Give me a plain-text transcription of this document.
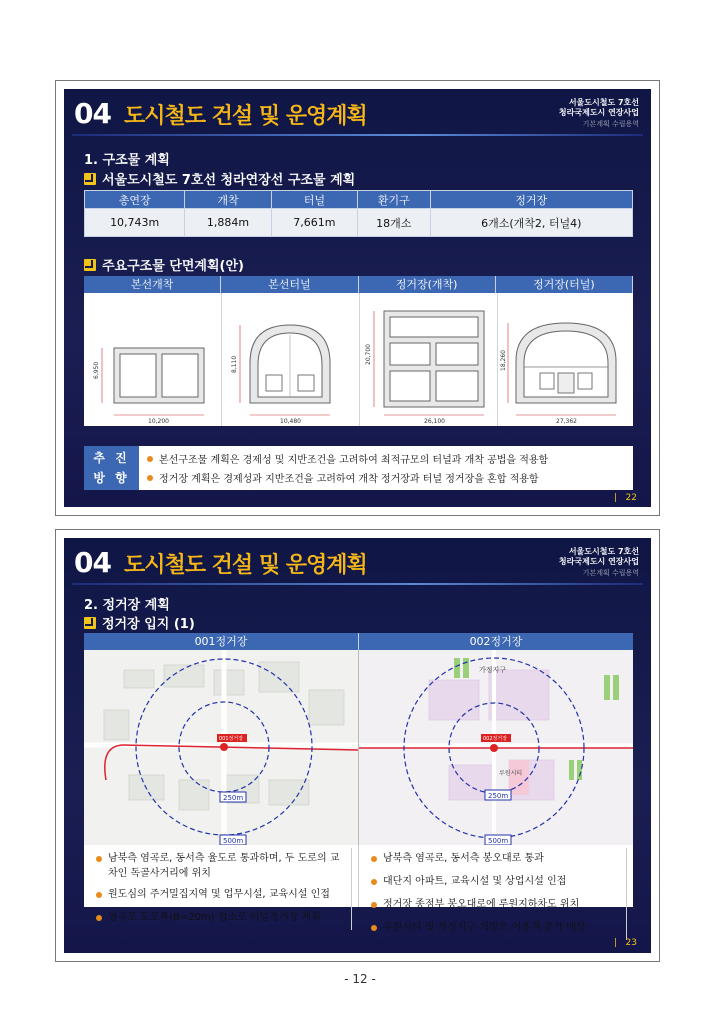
04 도시철도 건설 및 운영계획
서울도시철도 7호선
청라국제도시 연장사업
기본계획 수립용역
1. 구조물 계획
서울도시철도 7호선 청라연장선 구조물 계획
총연장	개착	터널	환기구	정거장
10,743m	1,884m	7,661m	18개소	6개소(개착2, 터널4)
주요구조물 단면계획(안)
본선개착	본선터널	정거장(개착)	정거장(터널)
6,950
10,200
8,110
10,480
20,700
26,100
18,260
27,362
추 진
방 향
본선구조물 계획은 경제성 및 지반조건을 고려하여 최적규모의 터널과 개착 공법을 적용함
정거장 계획은 경제성과 지반조건을 고려하여 개착 정거장과 터널 정거장을 혼합 적용함
|   22
04 도시철도 건설 및 운영계획
서울도시철도 7호선
청라국제도시 연장사업
기본계획 수립용역
2. 정거장 계획
정거장 입지 (1)
001정거장	002정거장
001정거장
250m
500m
002정거장
가정지구
루원시티
250m
500m
남북측 염곡로, 동서측 율도로 통과하며, 두 도로의 교차인 독골사거리에 위치
원도심의 주거밀집지역 및 업무시설, 교육시설 인접
염곡로 도로폭(B=20m) 협소로 터널정거장 계획
남북측 염곡로, 동서측 봉오대로 통과
대단지 아파트, 교육시설 및 상업시설 인접
정거장 종점부 봉오대로에 루원지하차도 위치
루원시티 및 가정지구 개발로 이용객 증가 예상
|   23
- 12 -
